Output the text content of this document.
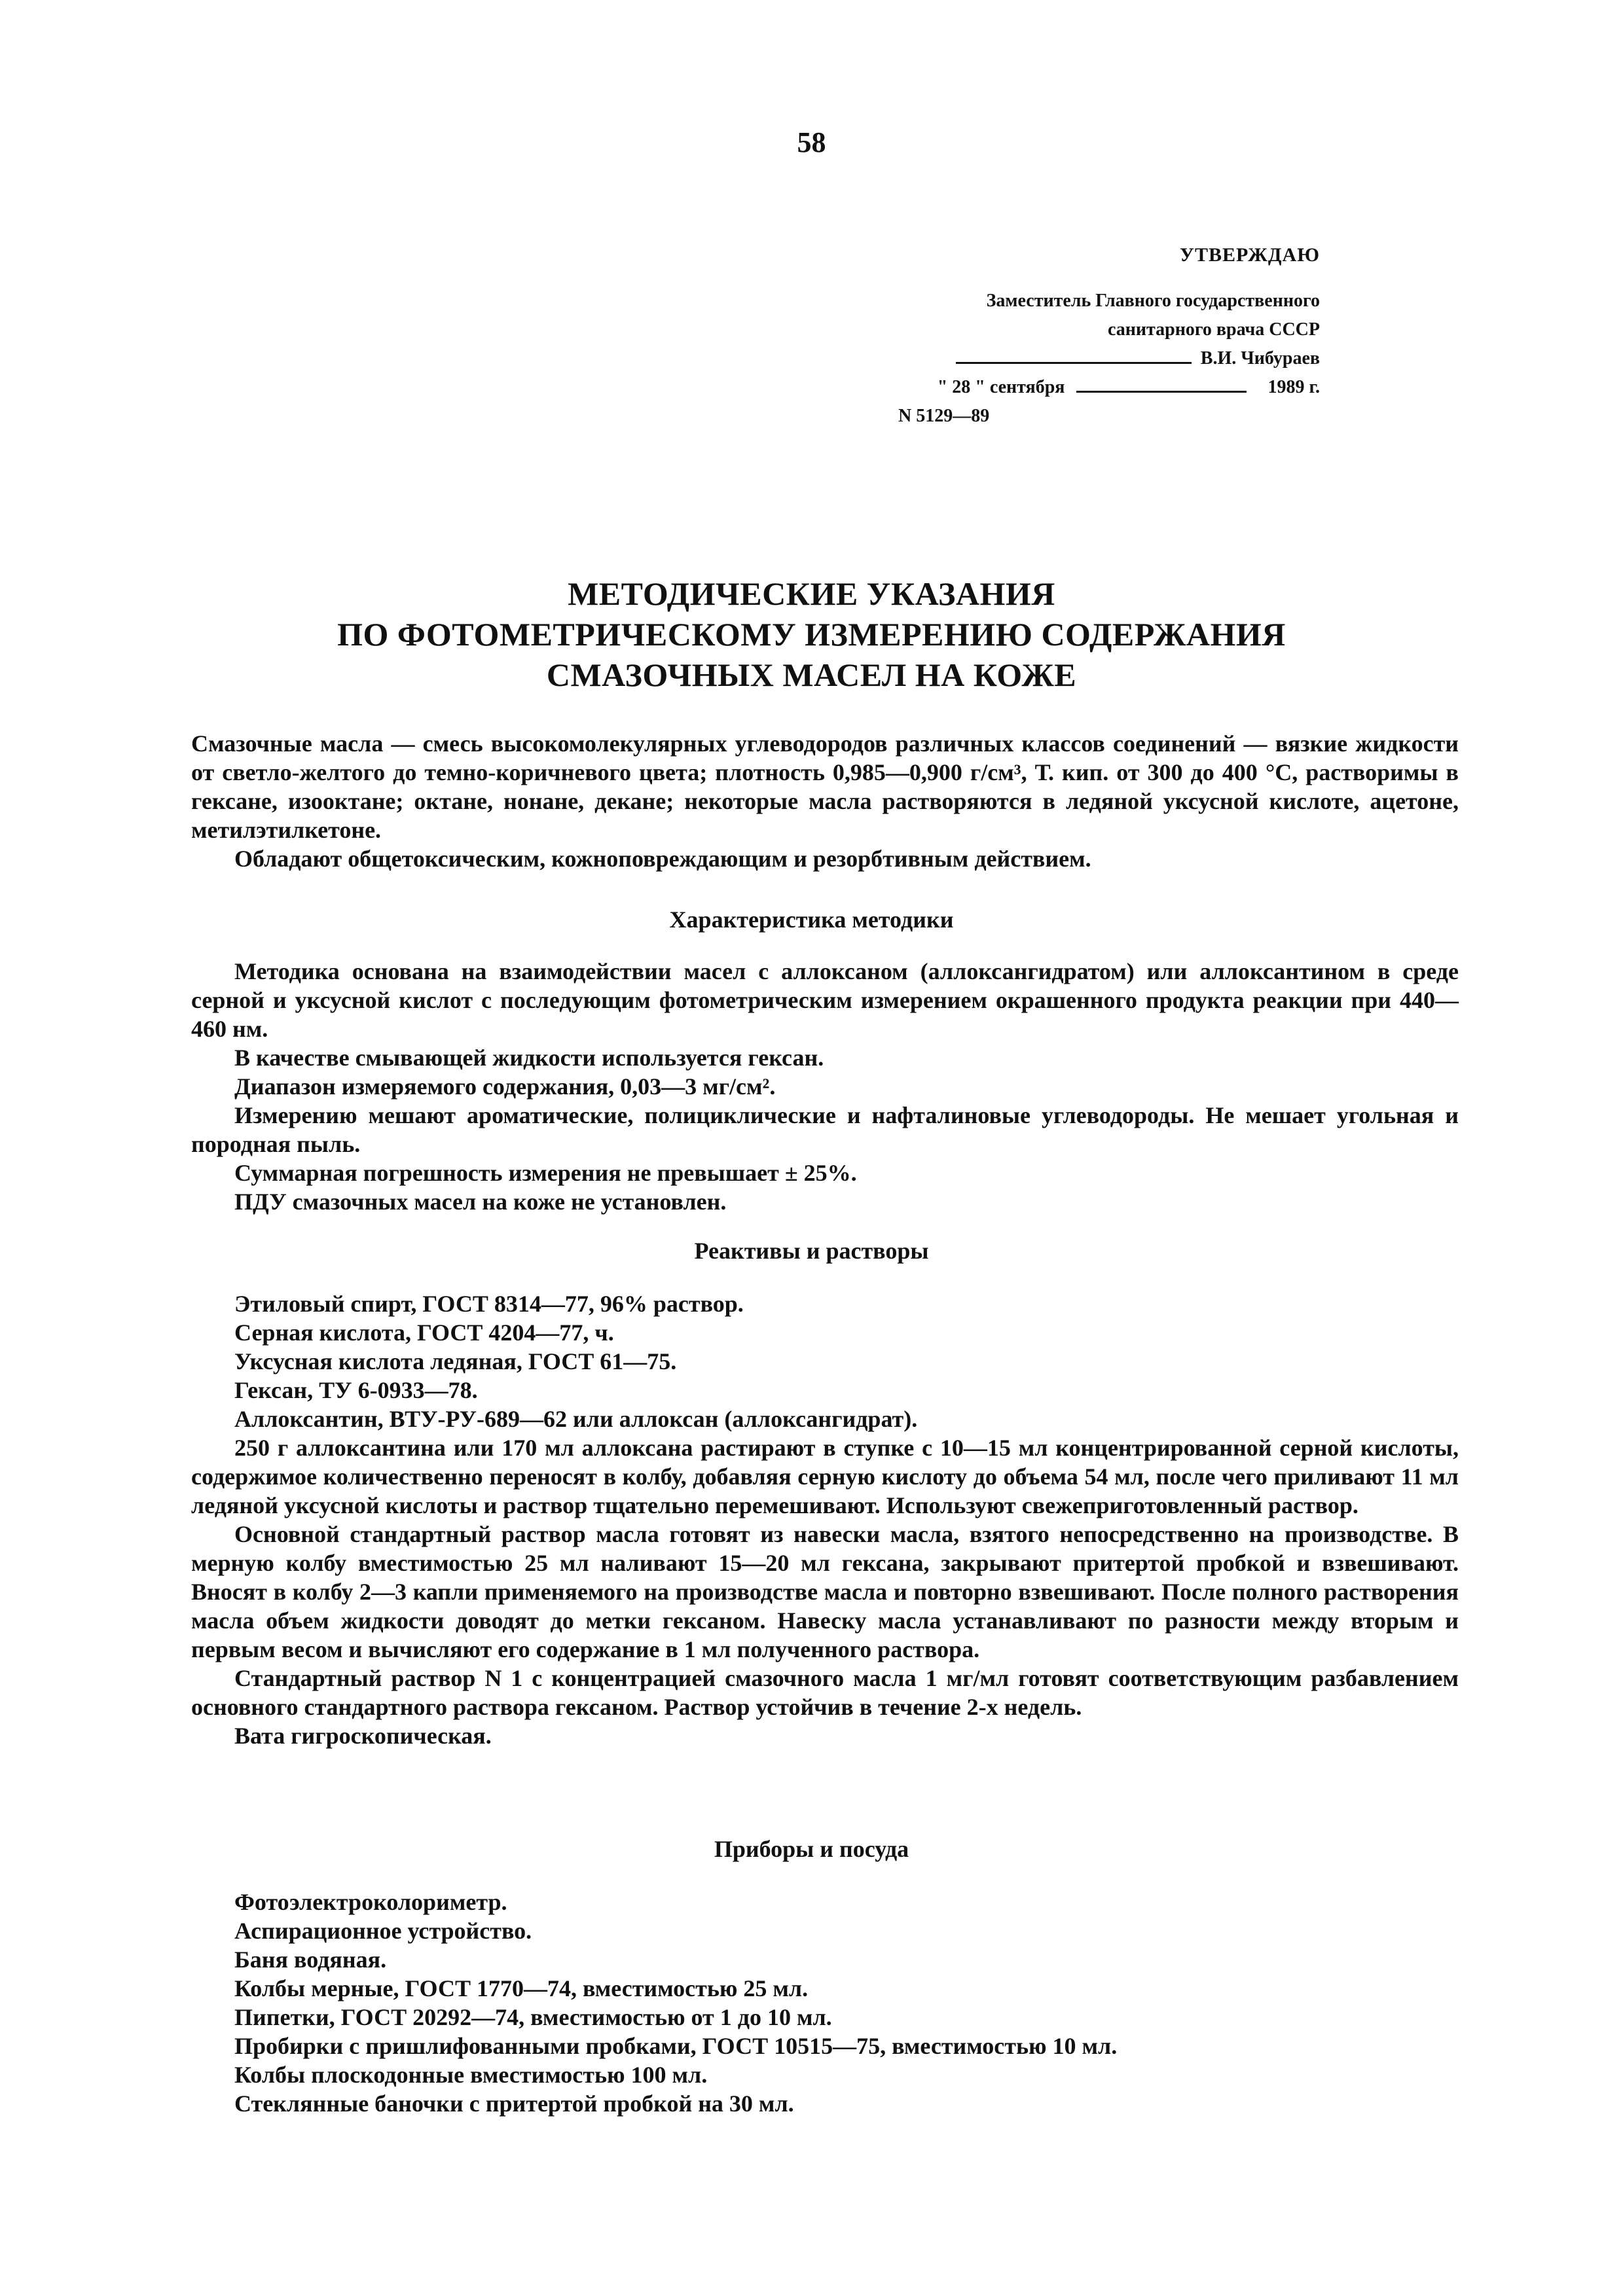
58
УТВЕРЖДАЮ
Заместитель Главного государственного
санитарного врача СССР
В.И. Чибураев
" 28 " сентября	1989 г.
N 5129—89
МЕТОДИЧЕСКИЕ УКАЗАНИЯ
ПО ФОТОМЕТРИЧЕСКОМУ ИЗМЕРЕНИЮ СОДЕРЖАНИЯ
СМАЗОЧНЫХ МАСЕЛ НА КОЖЕ

Смазочные масла — смесь высокомолекулярных углеводородов различных классов соединений — вязкие жидкости от светло-желтого до темно-коричневого цвета; плотность 0,985—0,900 г/см³, Т. кип. от 300 до 400 °С, растворимы в гексане, изооктане; октане, нонане, декане; некоторые масла растворяются в ледяной уксусной кислоте, ацетоне, метилэтилкетоне.

Обладают общетоксическим, кожноповреждающим и резорбтивным действием.

Характеристика методики

Методика основана на взаимодействии масел с аллоксаном (аллоксангидратом) или аллоксантином в среде серной и уксусной кислот с последующим фотометрическим измерением окрашенного продукта реакции при 440—460 нм.

В качестве смывающей жидкости используется гексан.

Диапазон измеряемого содержания, 0,03—3 мг/см².

Измерению мешают ароматические, полициклические и нафталиновые углеводороды. Не мешает угольная и породная пыль.

Суммарная погрешность измерения не превышает ± 25%.

ПДУ смазочных масел на коже не установлен.

Реактивы и растворы

Этиловый спирт, ГОСТ 8314—77, 96% раствор.

Серная кислота, ГОСТ 4204—77, ч.

Уксусная кислота ледяная, ГОСТ 61—75.

Гексан, ТУ 6-0933—78.

Аллоксантин, ВТУ-РУ-689—62 или аллоксан (аллоксангидрат).

250 г аллоксантина или 170 мл аллоксана растирают в ступке с 10—15 мл концентрированной серной кислоты, содержимое количественно переносят в колбу, добавляя серную кислоту до объема 54 мл, после чего приливают 11 мл ледяной уксусной кислоты и раствор тщательно перемешивают. Используют свежеприготовленный раствор.

Основной стандартный раствор масла готовят из навески масла, взятого непосредственно на производстве. В мерную колбу вместимостью 25 мл наливают 15—20 мл гексана, закрывают притертой пробкой и взвешивают. Вносят в колбу 2—3 капли применяемого на производстве масла и повторно взвешивают. После полного растворения масла объем жидкости доводят до метки гексаном. Навеску масла устанавливают по разности между вторым и первым весом и вычисляют его содержание в 1 мл полученного раствора.

Стандартный раствор N 1 с концентрацией смазочного масла 1 мг/мл готовят соответствующим разбавлением основного стандартного раствора гексаном. Раствор устойчив в течение 2-х недель.

Вата гигроскопическая.

Приборы и посуда

Фотоэлектроколориметр.

Аспирационное устройство.

Баня водяная.

Колбы мерные, ГОСТ 1770—74, вместимостью 25 мл.

Пипетки, ГОСТ 20292—74, вместимостью от 1 до 10 мл.

Пробирки с пришлифованными пробками, ГОСТ 10515—75, вместимостью 10 мл.

Колбы плоскодонные вместимостью 100 мл.

Стеклянные баночки с притертой пробкой на 30 мл.
